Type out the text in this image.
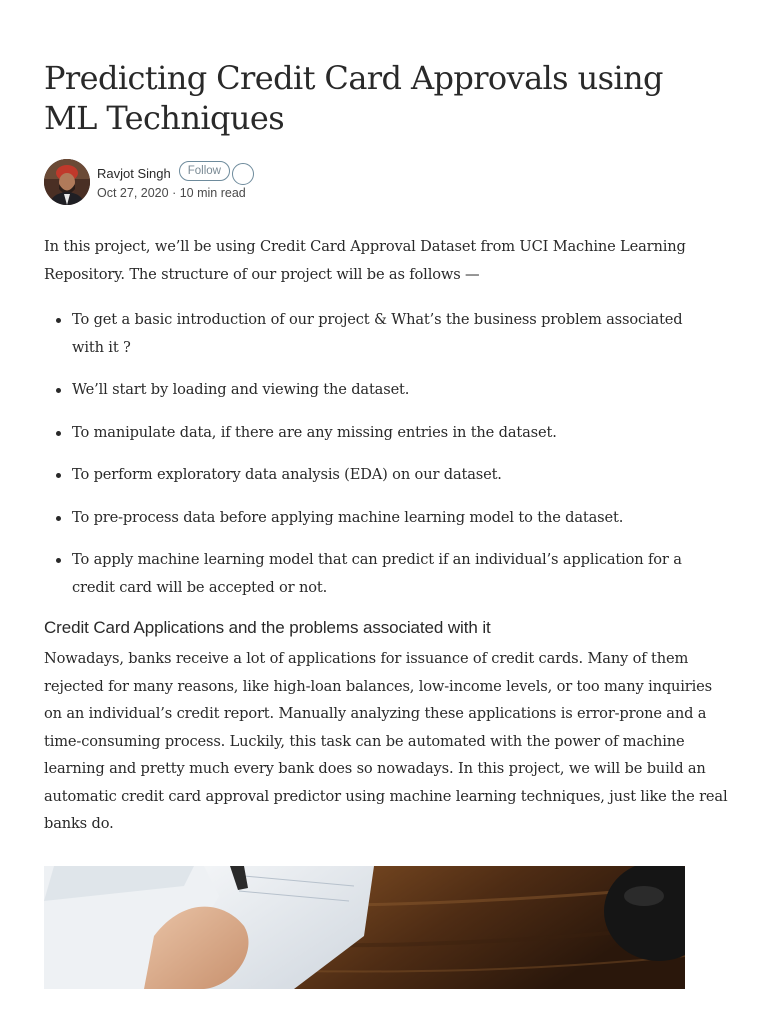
Predicting Credit Card Approvals using ML Techniques
Ravjot Singh	Follow
Oct 27, 2020 · 10 min read

In this project, we’ll be using Credit Card Approval Dataset from UCI Machine Learning Repository. The structure of our project will be as follows —

To get a basic introduction of our project & What’s the business problem associated with it ?
We’ll start by loading and viewing the dataset.
To manipulate data, if there are any missing entries in the dataset.
To perform exploratory data analysis (EDA) on our dataset.
To pre-process data before applying machine learning model to the dataset.
To apply machine learning model that can predict if an individual’s application for a credit card will be accepted or not.
Credit Card Applications and the problems associated with it

Nowadays, banks receive a lot of applications for issuance of credit cards. Many of them rejected for many reasons, like high-loan balances, low-income levels, or too many inquiries on an individual’s credit report. Manually analyzing these applications is error-prone and a time-consuming process. Luckily, this task can be automated with the power of machine learning and pretty much every bank does so nowadays. In this project, we will be build an automatic credit card approval predictor using machine learning techniques, just like the real banks do.
